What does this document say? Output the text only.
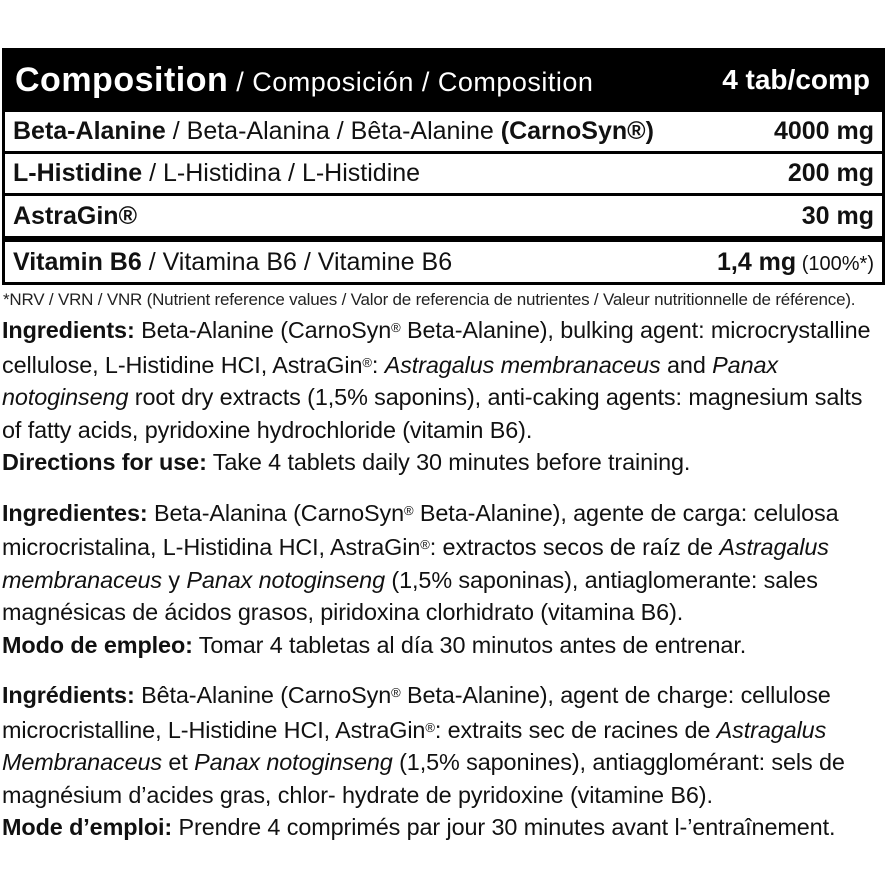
Composition / Composición / Composition	4 tab/comp
Beta-Alanine / Beta-Alanina / Bêta-Alanine (CarnoSyn®)	4000 mg
L-Histidine / L-Histidina / L-Histidine	200 mg
AstraGin®	30 mg
Vitamin B6 / Vitamina B6 / Vitamine B6	1,4 mg (100%*)
*NRV / VRN / VNR (Nutrient reference values / Valor de referencia de nutrientes / Valeur nutritionnelle de référence).
Ingredients: Beta-Alanine (CarnoSyn® Beta-Alanine), bulking agent: microcrystalline cellulose, L-Histidine HCI, AstraGin®: Astragalus membranaceus and Panax notoginseng root dry extracts (1,5% saponins), anti-caking agents: magnesium salts of fatty acids, pyridoxine hydrochloride (vitamin B6).
Directions for use: Take 4 tablets daily 30 minutes before training.
Ingredientes: Beta-Alanina (CarnoSyn® Beta-Alanine), agente de carga: celulosa microcristalina, L-Histidina HCI, AstraGin®: extractos secos de raíz de Astragalus membranaceus y Panax notoginseng (1,5% saponinas), antiaglomerante: sales magnésicas de ácidos grasos, piridoxina clorhidrato (vitamina B6).
Modo de empleo: Tomar 4 tabletas al día 30 minutos antes de entrenar.
Ingrédients: Bêta-Alanine (CarnoSyn® Beta-Alanine), agent de charge: cellulose microcristalline, L-Histidine HCI, AstraGin®: extraits sec de racines de Astragalus Membranaceus et Panax notoginseng (1,5% saponines), antiagglomérant: sels de magnésium d’acides gras, chlor- hydrate de pyridoxine (vitamine B6).
Mode d’emploi: Prendre 4 comprimés par jour 30 minutes avant l-’entraînement.
